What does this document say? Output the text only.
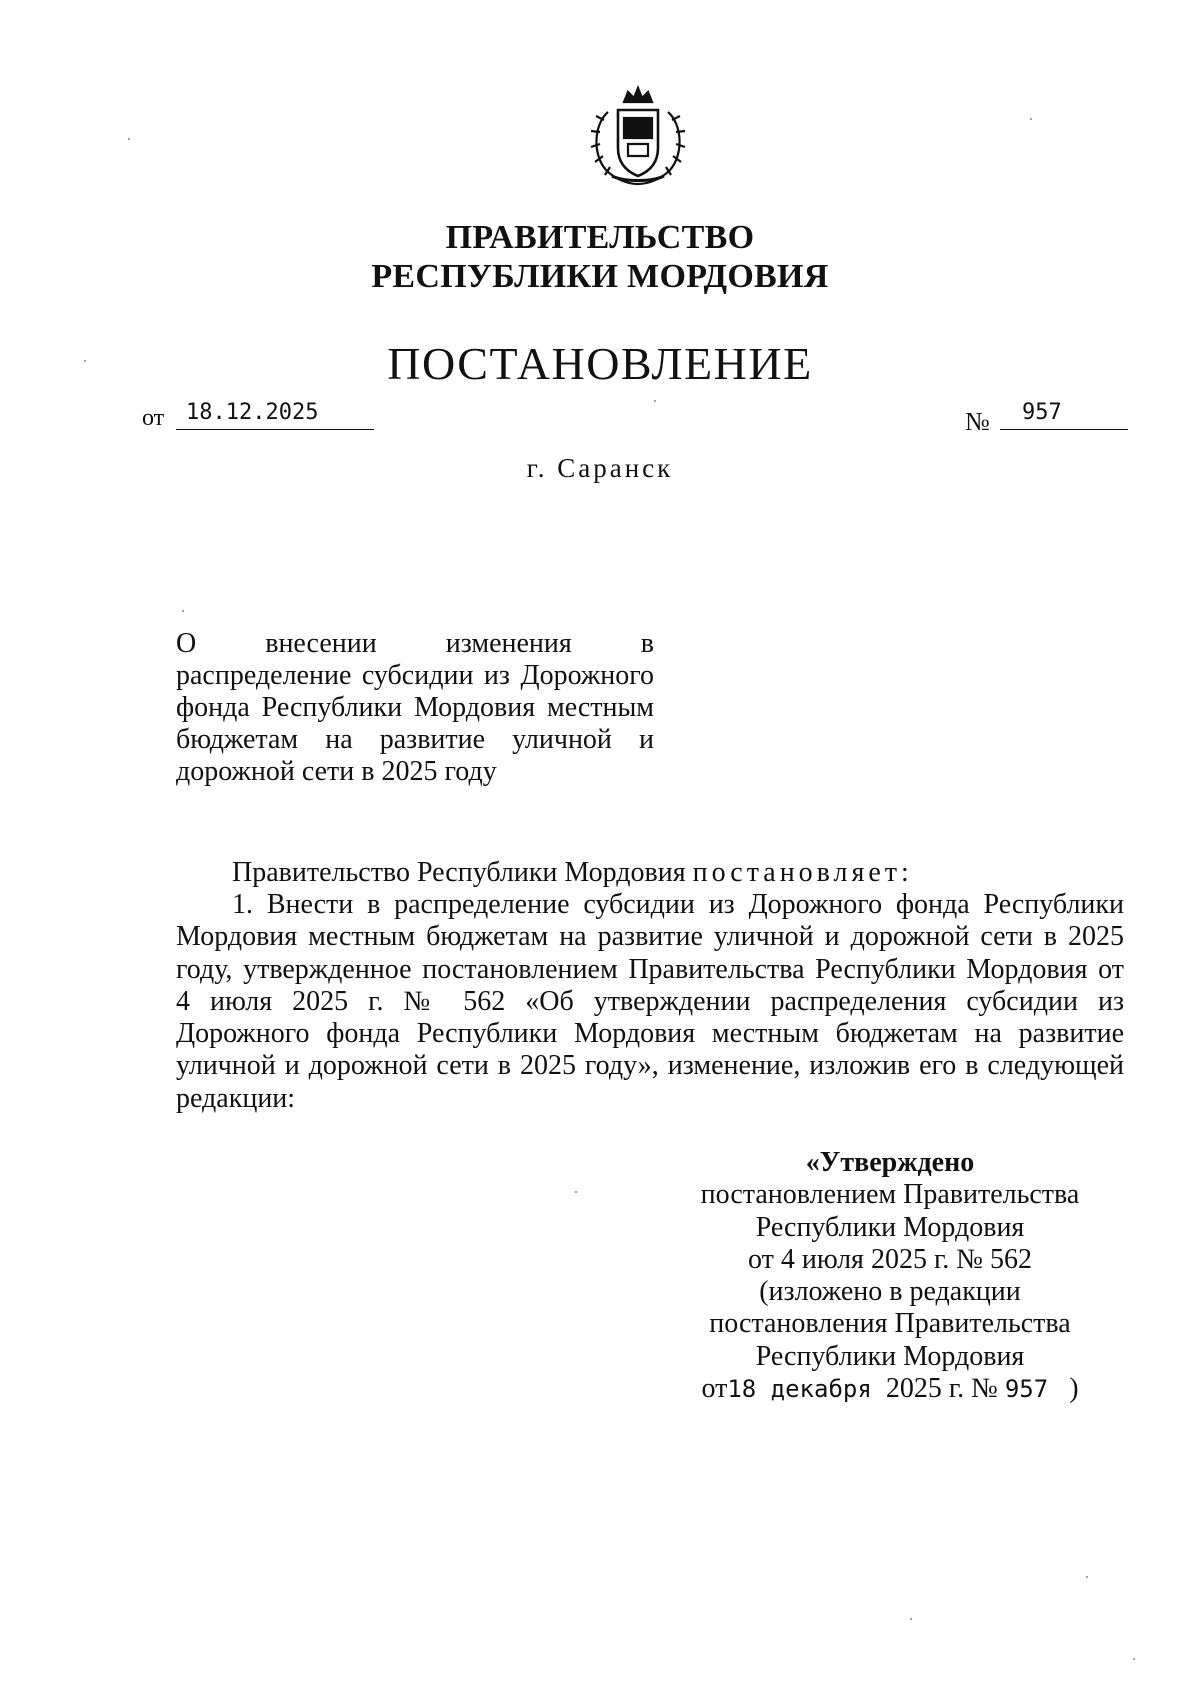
ПРАВИТЕЛЬСТВО
РЕСПУБЛИКИ МОРДОВИЯ
ПОСТАНОВЛЕНИЕ
от 18.12.2025	№	957
г. Саранск
О внесении изменения в
распределение субсидии из Дорожного
фонда Республики Мордовия местным
бюджетам на развитие уличной и
дорожной сети в 2025 году
Правительство Республики Мордовия постановляет:
1. Внести в распределение субсидии из Дорожного фонда Республики
Мордовия местным бюджетам на развитие уличной и дорожной сети в 2025
году, утвержденное постановлением Правительства Республики Мордовия от
4 июля 2025 г. № 562 «Об утверждении распределения субсидии из
Дорожного фонда Республики Мордовия местным бюджетам на развитие
уличной и дорожной сети в 2025 году», изменение, изложив его в следующей
редакции:
«Утверждено
постановлением Правительства
Республики Мордовия
от 4 июля 2025 г. № 562
(изложено в редакции
постановления Правительства
Республики Мордовия
от18 декабря 2025 г. № 957 )
